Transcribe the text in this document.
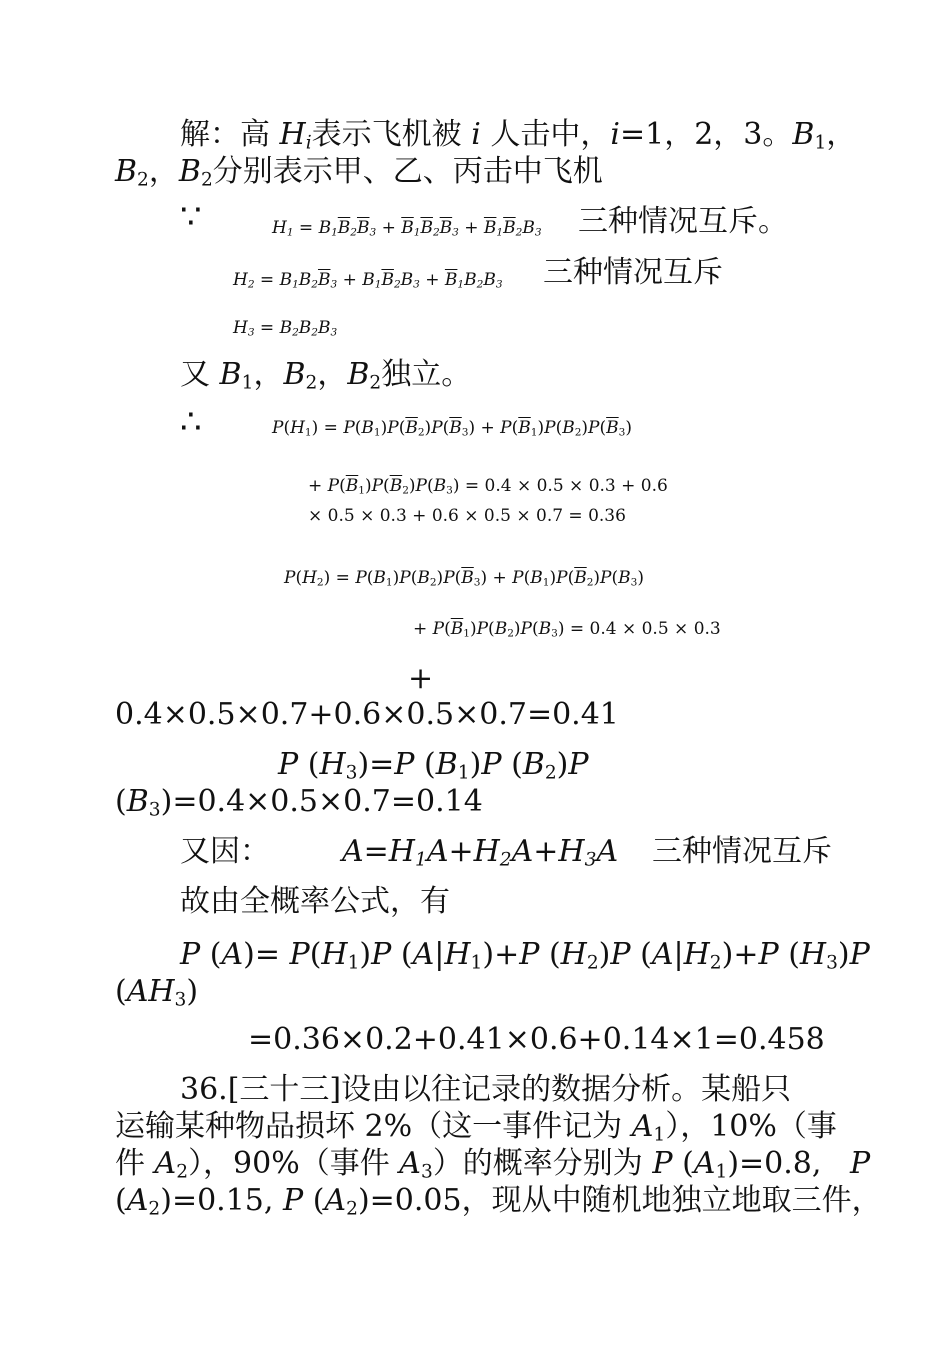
解：高 $H_i$表示飞机被 i 人击中，i=1，2，3。$B_1$，
$B_2$，$B_2$分别表示甲、乙、丙击中飞机
∵	$H_1 = B_1\overline{B}_2\overline{B}_3 + \overline{B}_1\overline{B}_2\overline{B}_3 + \overline{B}_1\overline{B}_2B_3$ 三种情况互斥。
$H_2 = B_1B_2\overline{B}_3 + B_1\overline{B}_2B_3 + \overline{B}_1B_2B_3$ 三种情况互斥
$H_3 = B_2B_2B_3$
又 $B_1$，$B_2$，$B_2$独立。
∴	$P(H_1) = P(B_1)P(\overline{B}_2)P(\overline{B}_3) + P(\overline{B}_1)P(B_2)P(\overline{B}_3)$
+ $P(\overline{B}_1)P(\overline{B}_2)P(B_3) = 0.4 \times 0.5 \times 0.3 + 0.6$
× 0.5 × 0.3 + 0.6 × 0.5 × 0.7 = 0.36
$P(H_2) = P(B_1)P(B_2)P(\overline{B}_3) + P(B_1)P(\overline{B}_2)P(B_3)$
+ $P(\overline{B}_1)P(B_2)P(B_3) = 0.4 \times 0.5 \times 0.3$
+
0.4×0.5×0.7+0.6×0.5×0.7=0.41
P $(H_3)=P$ $(B_1)P$ $(B_2)P$
$(B_3)=0.4\times 0.5\times 0.7=0.14$
又因： $A=H_1A+H_2A+H_3A$ 三种情况互斥
故由全概率公式，有
P $(A)= P(H_1)P$ $(A|H_1)+P$ $(H_2)P$ $(A|H_2)+P$ $(H_3)P$
$(AH_3)$
=0.36×0.2+0.41×0.6+0.14×1=0.458
36.[三十三]设由以往记录的数据分析。某船只
运输某种物品损坏 2%（这一事件记为 $A_1$），10%（事
件 $A_2$），90%（事件 $A_3$）的概率分别为 P $(A_1)=0.8$, P
$(A_2)=0.15$, P $(A_2)=0.05$，现从中随机地独立地取三件，
